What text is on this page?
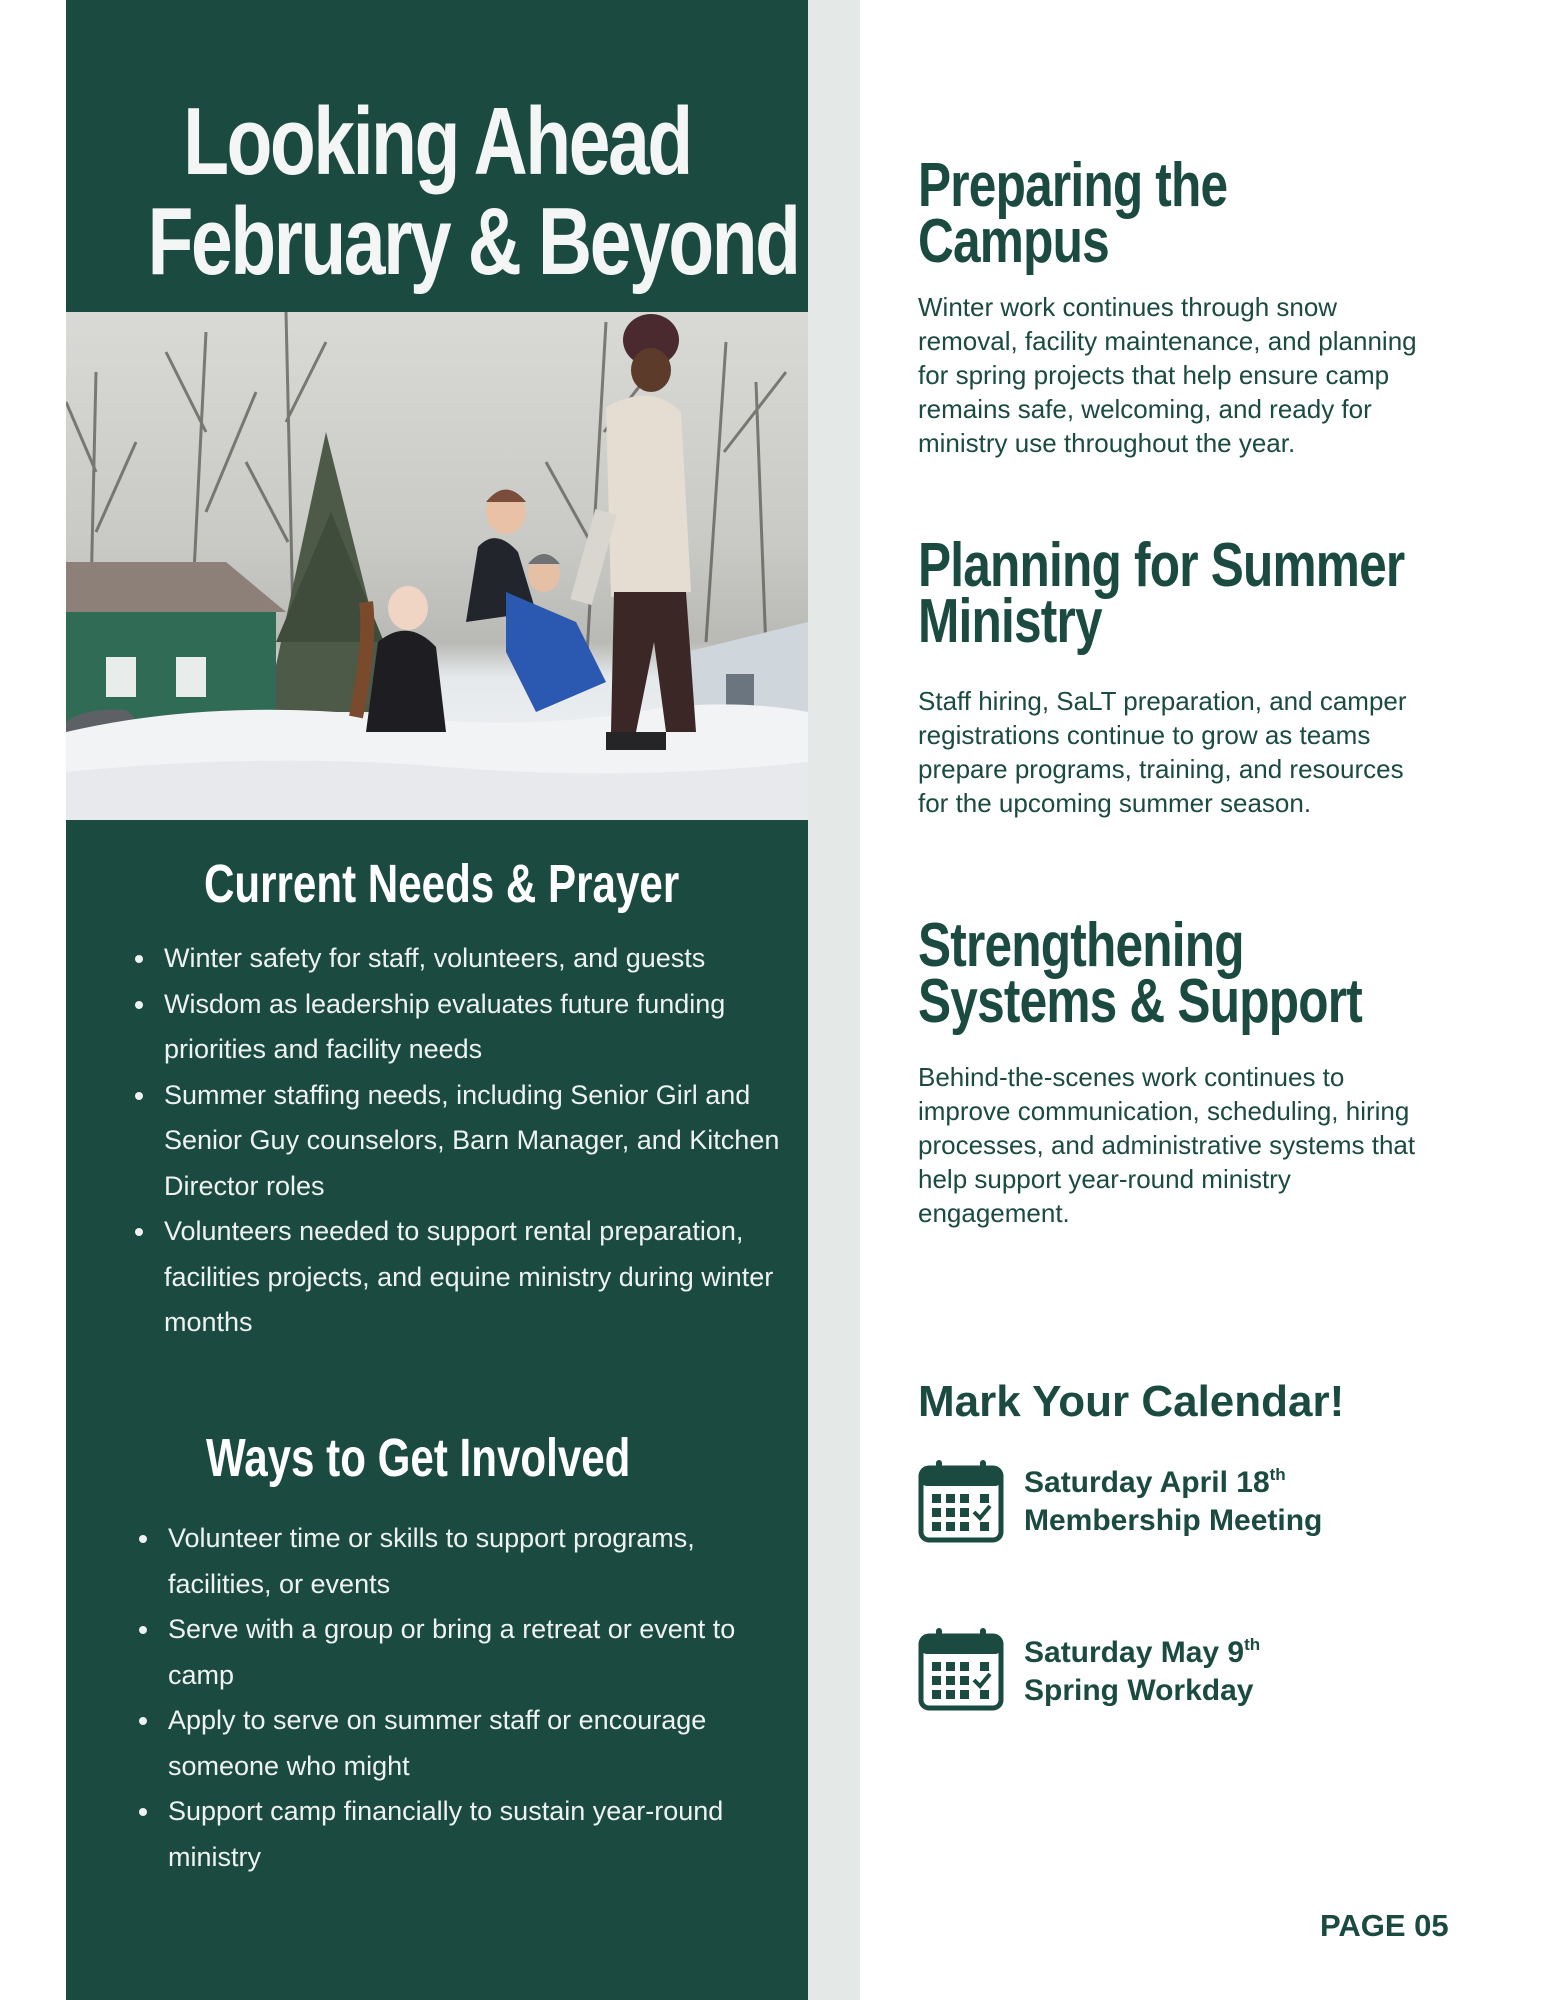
Looking Ahead
February & Beyond
Current Needs & Prayer
• Winter safety for staff, volunteers, and guests
• Wisdom as leadership evaluates future funding priorities and facility needs
• Summer staffing needs, including Senior Girl and Senior Guy counselors, Barn Manager, and Kitchen Director roles
• Volunteers needed to support rental preparation, facilities projects, and equine ministry during winter months
Ways to Get Involved
• Volunteer time or skills to support programs, facilities, or events
• Serve with a group or bring a retreat or event to camp
• Apply to serve on summer staff or encourage someone who might
• Support camp financially to sustain year-round ministry
Preparing the
Campus
Winter work continues through snow removal, facility maintenance, and planning for spring projects that help ensure camp remains safe, welcoming, and ready for ministry use throughout the year.
Planning for Summer
Ministry
Staff hiring, SaLT preparation, and camper registrations continue to grow as teams prepare programs, training, and resources for the upcoming summer season.
Strengthening
Systems & Support
Behind-the-scenes work continues to improve communication, scheduling, hiring processes, and administrative systems that help support year-round ministry engagement.
Mark Your Calendar!
Saturday April 18th
Membership Meeting
Saturday May 9th
Spring Workday
PAGE 05
